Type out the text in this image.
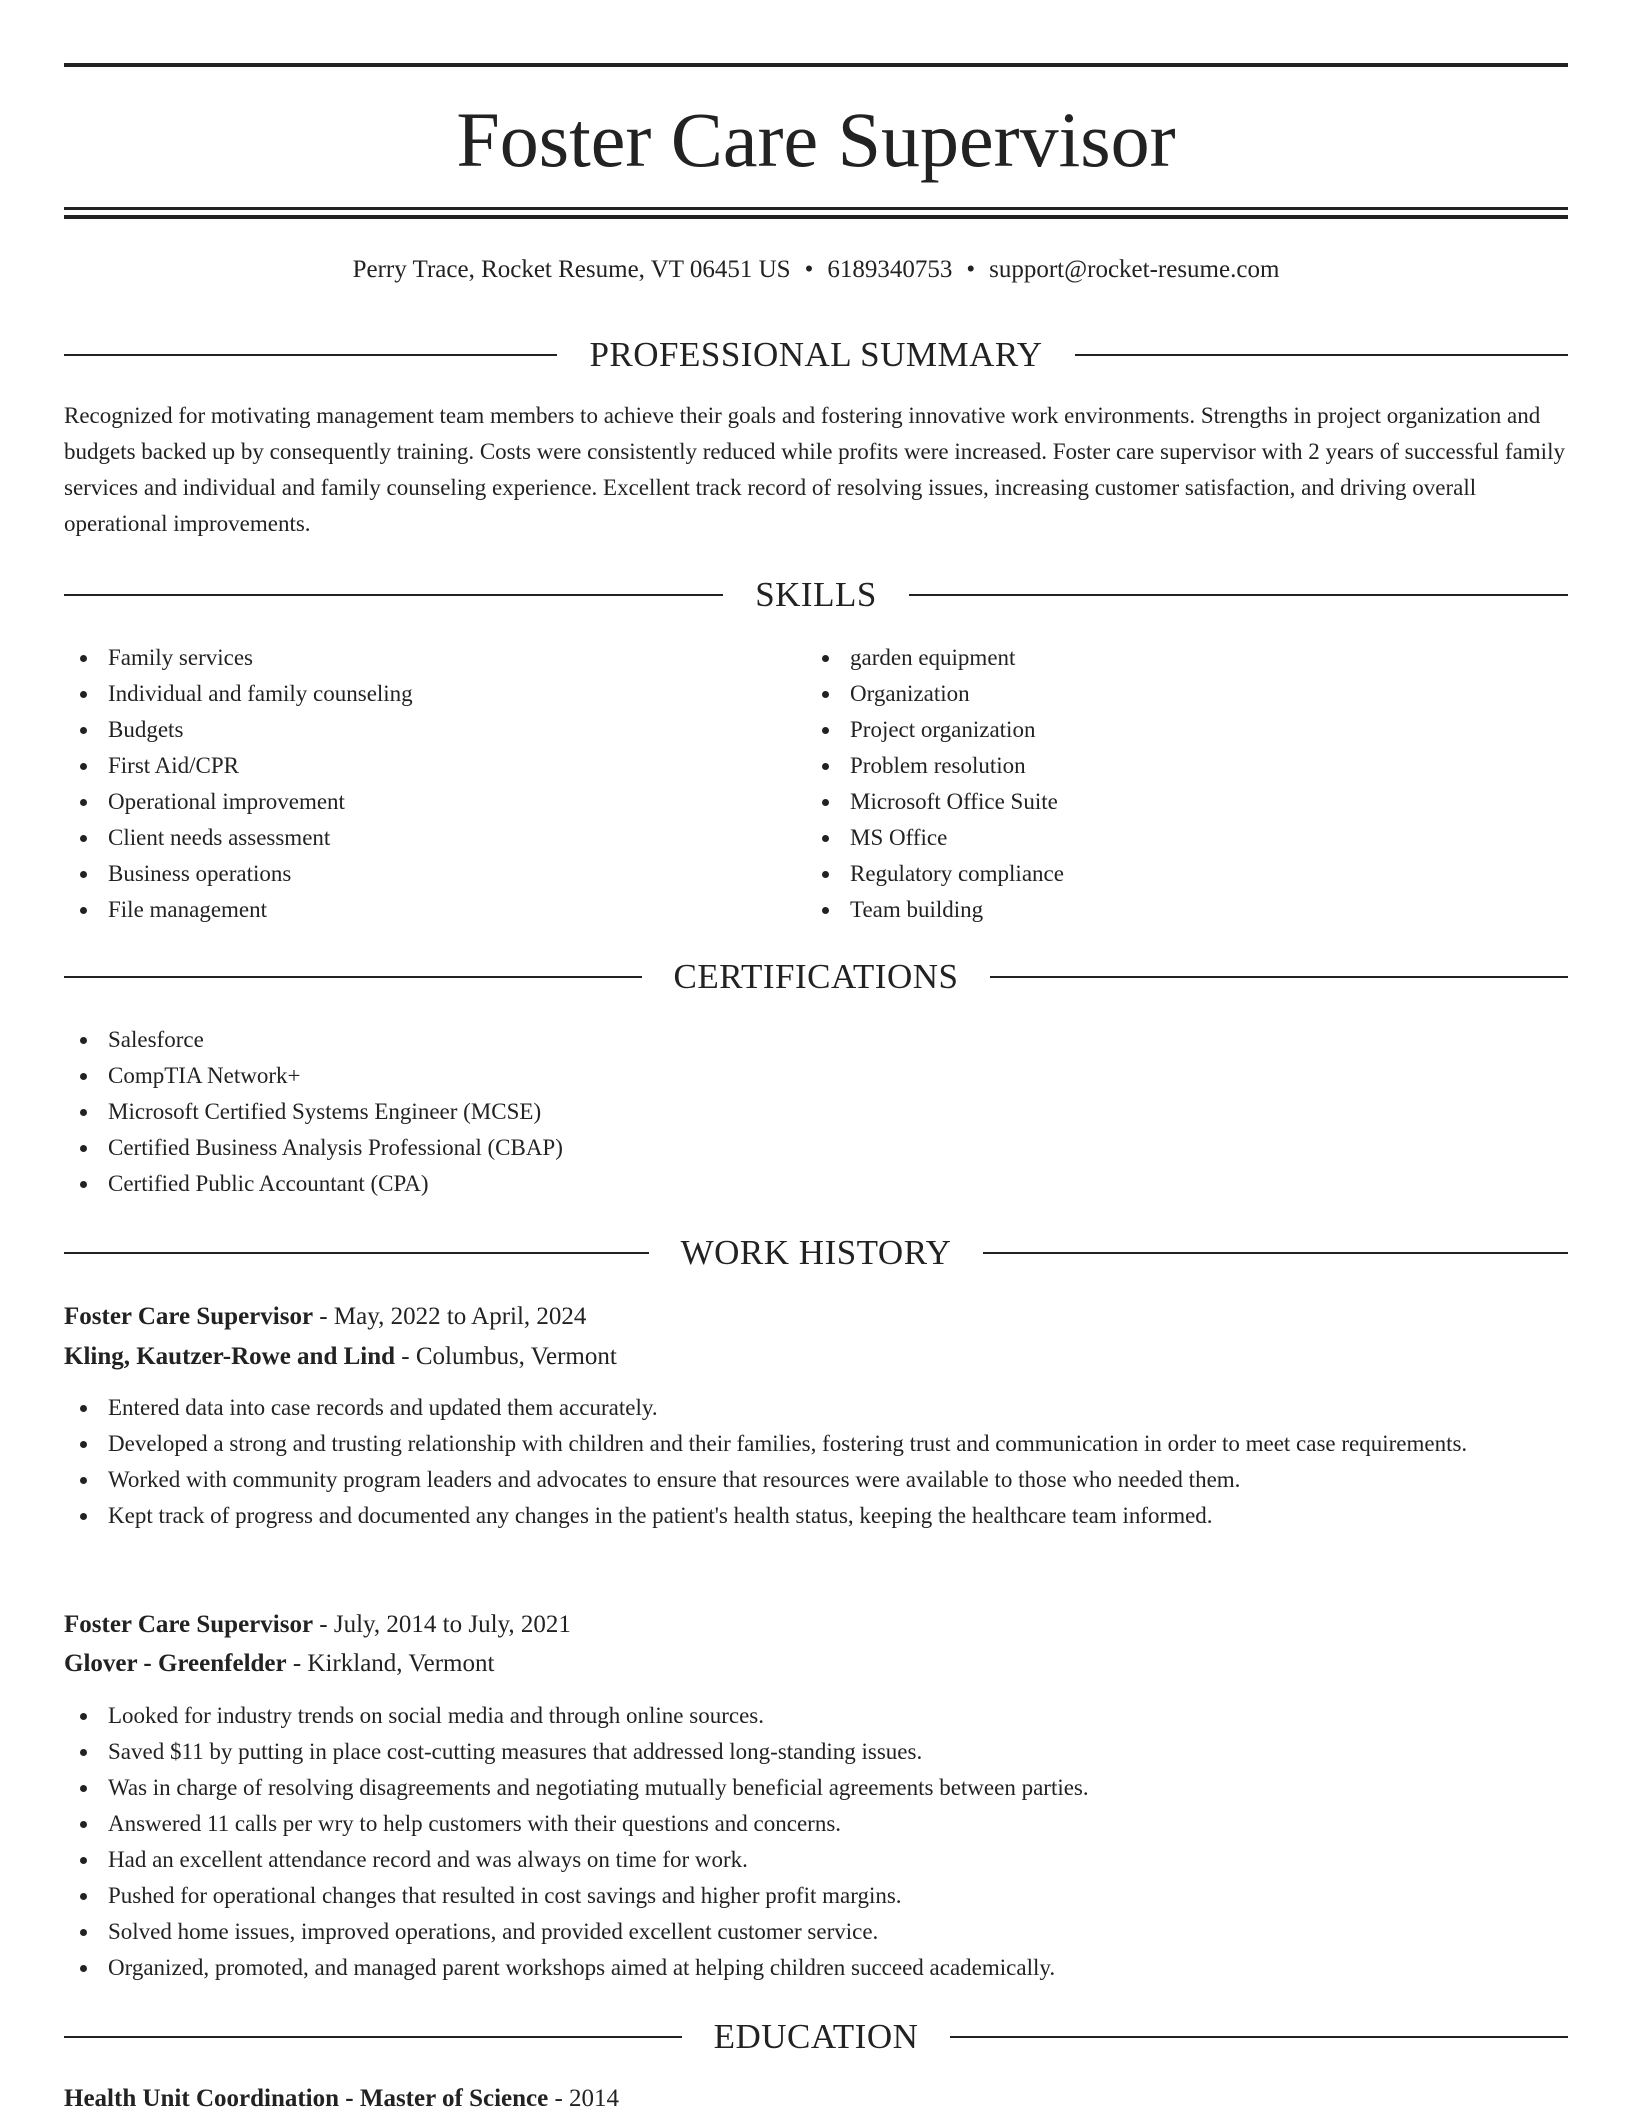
Foster Care Supervisor
Perry Trace, Rocket Resume, VT 06451 US • 6189340753 • support@rocket-resume.com
PROFESSIONAL SUMMARY

Recognized for motivating management team members to achieve their goals and fostering innovative work environments. Strengths in project organization and budgets backed up by consequently training. Costs were consistently reduced while profits were increased. Foster care supervisor with 2 years of successful family services and individual and family counseling experience. Excellent track record of resolving issues, increasing customer satisfaction, and driving overall operational improvements.

SKILLS
Family services
Individual and family counseling
Budgets
First Aid/CPR
Operational improvement
Client needs assessment
Business operations
File management
garden equipment
Organization
Project organization
Problem resolution
Microsoft Office Suite
MS Office
Regulatory compliance
Team building
CERTIFICATIONS
Salesforce
CompTIA Network+
Microsoft Certified Systems Engineer (MCSE)
Certified Business Analysis Professional (CBAP)
Certified Public Accountant (CPA)
WORK HISTORY
Foster Care Supervisor - May, 2022 to April, 2024
Kling, Kautzer-Rowe and Lind - Columbus, Vermont
Entered data into case records and updated them accurately.
Developed a strong and trusting relationship with children and their families, fostering trust and communication in order to meet case requirements.
Worked with community program leaders and advocates to ensure that resources were available to those who needed them.
Kept track of progress and documented any changes in the patient's health status, keeping the healthcare team informed.
Foster Care Supervisor - July, 2014 to July, 2021
Glover - Greenfelder - Kirkland, Vermont
Looked for industry trends on social media and through online sources.
Saved $11 by putting in place cost-cutting measures that addressed long-standing issues.
Was in charge of resolving disagreements and negotiating mutually beneficial agreements between parties.
Answered 11 calls per wry to help customers with their questions and concerns.
Had an excellent attendance record and was always on time for work.
Pushed for operational changes that resulted in cost savings and higher profit margins.
Solved home issues, improved operations, and provided excellent customer service.
Organized, promoted, and managed parent workshops aimed at helping children succeed academically.
EDUCATION
Health Unit Coordination - Master of Science - 2014
